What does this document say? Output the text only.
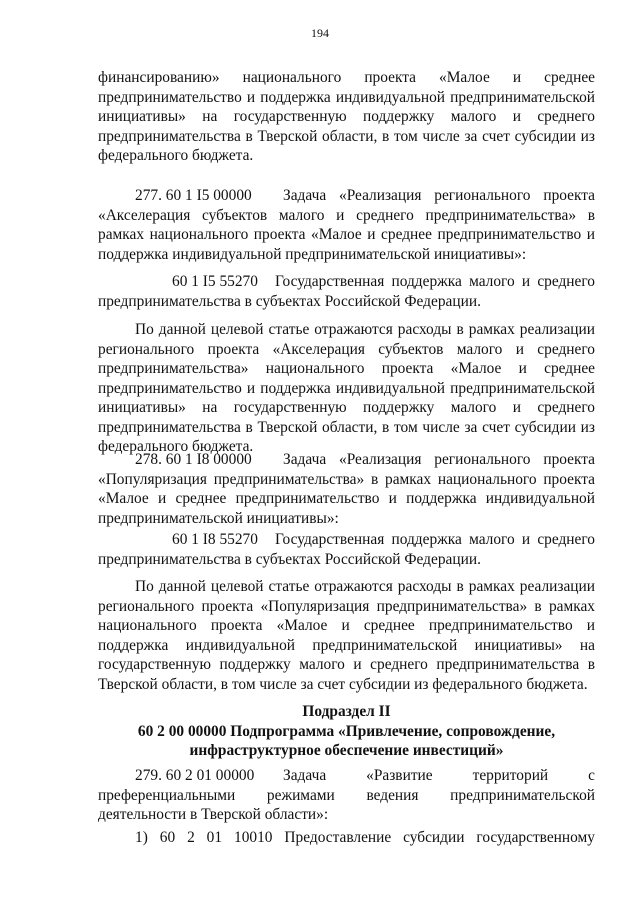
194

финансированию» национального проекта «Малое и среднее предпринимательство и поддержка индивидуальной предпринимательской инициативы» на государственную поддержку малого и среднего предпринимательства в Тверской области, в том числе за счет субсидии из федерального бюджета.

277. 60 1 I5 00000 Задача «Реализация регионального проекта «Акселерация субъектов малого и среднего предпринимательства» в рамках национального проекта «Малое и среднее предпринимательство и поддержка индивидуальной предпринимательской инициативы»:

60 1 I5 55270 Государственная поддержка малого и среднего предпринимательства в субъектах Российской Федерации.

По данной целевой статье отражаются расходы в рамках реализации регионального проекта «Акселерация субъектов малого и среднего предпринимательства» национального проекта «Малое и среднее предпринимательство и поддержка индивидуальной предпринимательской инициативы» на государственную поддержку малого и среднего предпринимательства в Тверской области, в том числе за счет субсидии из федерального бюджета.

278. 60 1 I8 00000 Задача «Реализация регионального проекта «Популяризация предпринимательства» в рамках национального проекта «Малое и среднее предпринимательство и поддержка индивидуальной предпринимательской инициативы»:

60 1 I8 55270 Государственная поддержка малого и среднего предпринимательства в субъектах Российской Федерации.

По данной целевой статье отражаются расходы в рамках реализации регионального проекта «Популяризация предпринимательства» в рамках национального проекта «Малое и среднее предпринимательство и поддержка индивидуальной предпринимательской инициативы» на государственную поддержку малого и среднего предпринимательства в Тверской области, в том числе за счет субсидии из федерального бюджета.

Подраздел II

60 2 00 00000 Подпрограмма «Привлечение, сопровождение,

инфраструктурное обеспечение инвестиций»

279. 60 2 01 00000 Задача «Развитие территорий с преференциальными режимами ведения предпринимательской деятельности в Тверской области»:

1) 60 2 01 10010 Предоставление субсидии государственному
